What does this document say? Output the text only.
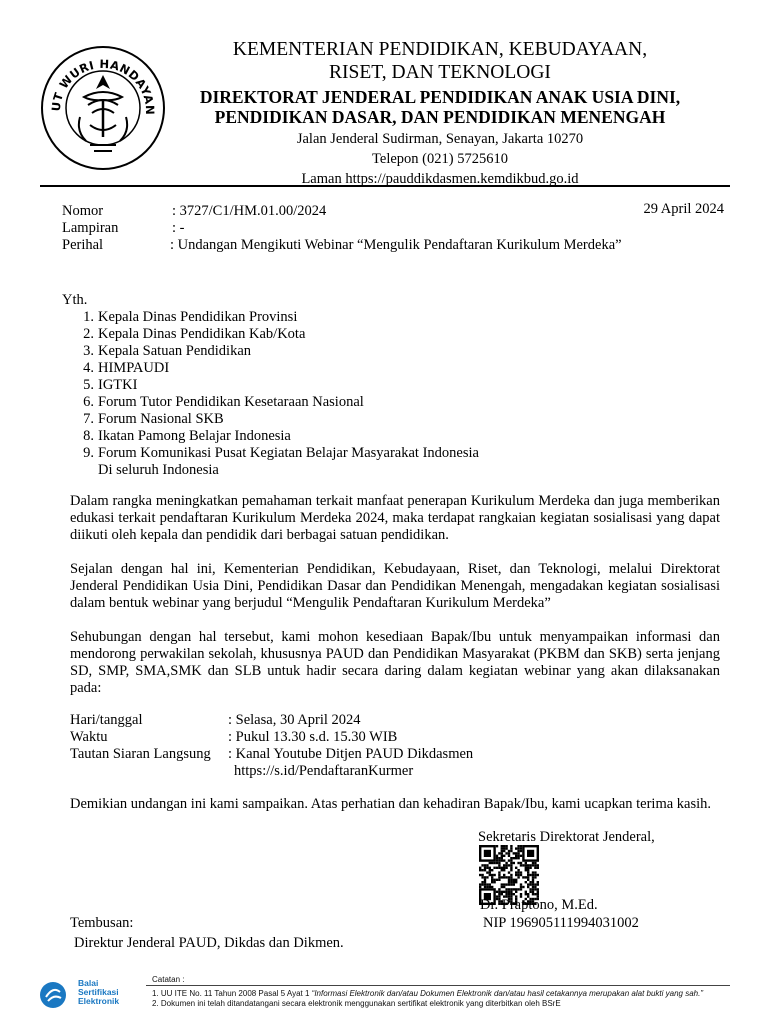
UT WURI HANDAYAN
KEMENTERIAN PENDIDIKAN, KEBUDAYAAN,
RISET, DAN TEKNOLOGI
DIREKTORAT JENDERAL PENDIDIKAN ANAK USIA DINI,
PENDIDIKAN DASAR, DAN PENDIDIKAN MENENGAH
Jalan Jenderal Sudirman, Senayan, Jakarta 10270
Telepon (021) 5725610
Laman https://pauddikdasmen.kemdikbud.go.id
Nomor	: 3727/C1/HM.01.00/2024	29 April 2024
Lampiran	: -
Perihal	: Undangan Mengikuti Webinar “Mengulik Pendaftaran Kurikulum Merdeka”
Yth.
1. Kepala Dinas Pendidikan Provinsi
2. Kepala Dinas Pendidikan Kab/Kota
3. Kepala Satuan Pendidikan
4. HIMPAUDI
5. IGTKI
6. Forum Tutor Pendidikan Kesetaraan Nasional
7. Forum Nasional SKB
8. Ikatan Pamong Belajar Indonesia
9. Forum Komunikasi Pusat Kegiatan Belajar Masyarakat Indonesia
Di seluruh Indonesia
Dalam rangka meningkatkan pemahaman terkait manfaat penerapan Kurikulum Merdeka dan juga memberikan edukasi terkait pendaftaran Kurikulum Merdeka 2024, maka terdapat rangkaian kegiatan sosialisasi yang dapat diikuti oleh kepala dan pendidik dari berbagai satuan pendidikan.
Sejalan dengan hal ini, Kementerian Pendidikan, Kebudayaan, Riset, dan Teknologi, melalui Direktorat Jenderal Pendidikan Usia Dini, Pendidikan Dasar dan Pendidikan Menengah, mengadakan kegiatan sosialisasi dalam bentuk webinar yang berjudul “Mengulik Pendaftaran Kurikulum Merdeka”
Sehubungan dengan hal tersebut, kami mohon kesediaan Bapak/Ibu untuk menyampaikan informasi dan mendorong perwakilan sekolah, khususnya PAUD dan Pendidikan Masyarakat (PKBM dan SKB) serta jenjang SD, SMP, SMA,SMK dan SLB untuk hadir secara daring dalam kegiatan webinar yang akan dilaksanakan pada:
Hari/tanggal	: Selasa, 30 April 2024
Waktu	: Pukul 13.30 s.d. 15.30 WIB
Tautan Siaran Langsung : Kanal Youtube Ditjen PAUD Dikdasmen
https://s.id/PendaftaranKurmer
Demikian undangan ini kami sampaikan. Atas perhatian dan kehadiran Bapak/Ibu, kami ucapkan terima kasih.
Sekretaris Direktorat Jenderal,
Dr. Praptono, M.Ed.
NIP 196905111994031002
Tembusan:
Direktur Jenderal PAUD, Dikdas dan Dikmen.
Balai
Sertifikasi
Elektronik
Catatan :
1. UU ITE No. 11 Tahun 2008 Pasal 5 Ayat 1 “Informasi Elektronik dan/atau Dokumen Elektronik dan/atau hasil cetakannya merupakan alat bukti yang sah.”
2. Dokumen ini telah ditandatangani secara elektronik menggunakan sertifikat elektronik yang diterbitkan oleh BSrE
